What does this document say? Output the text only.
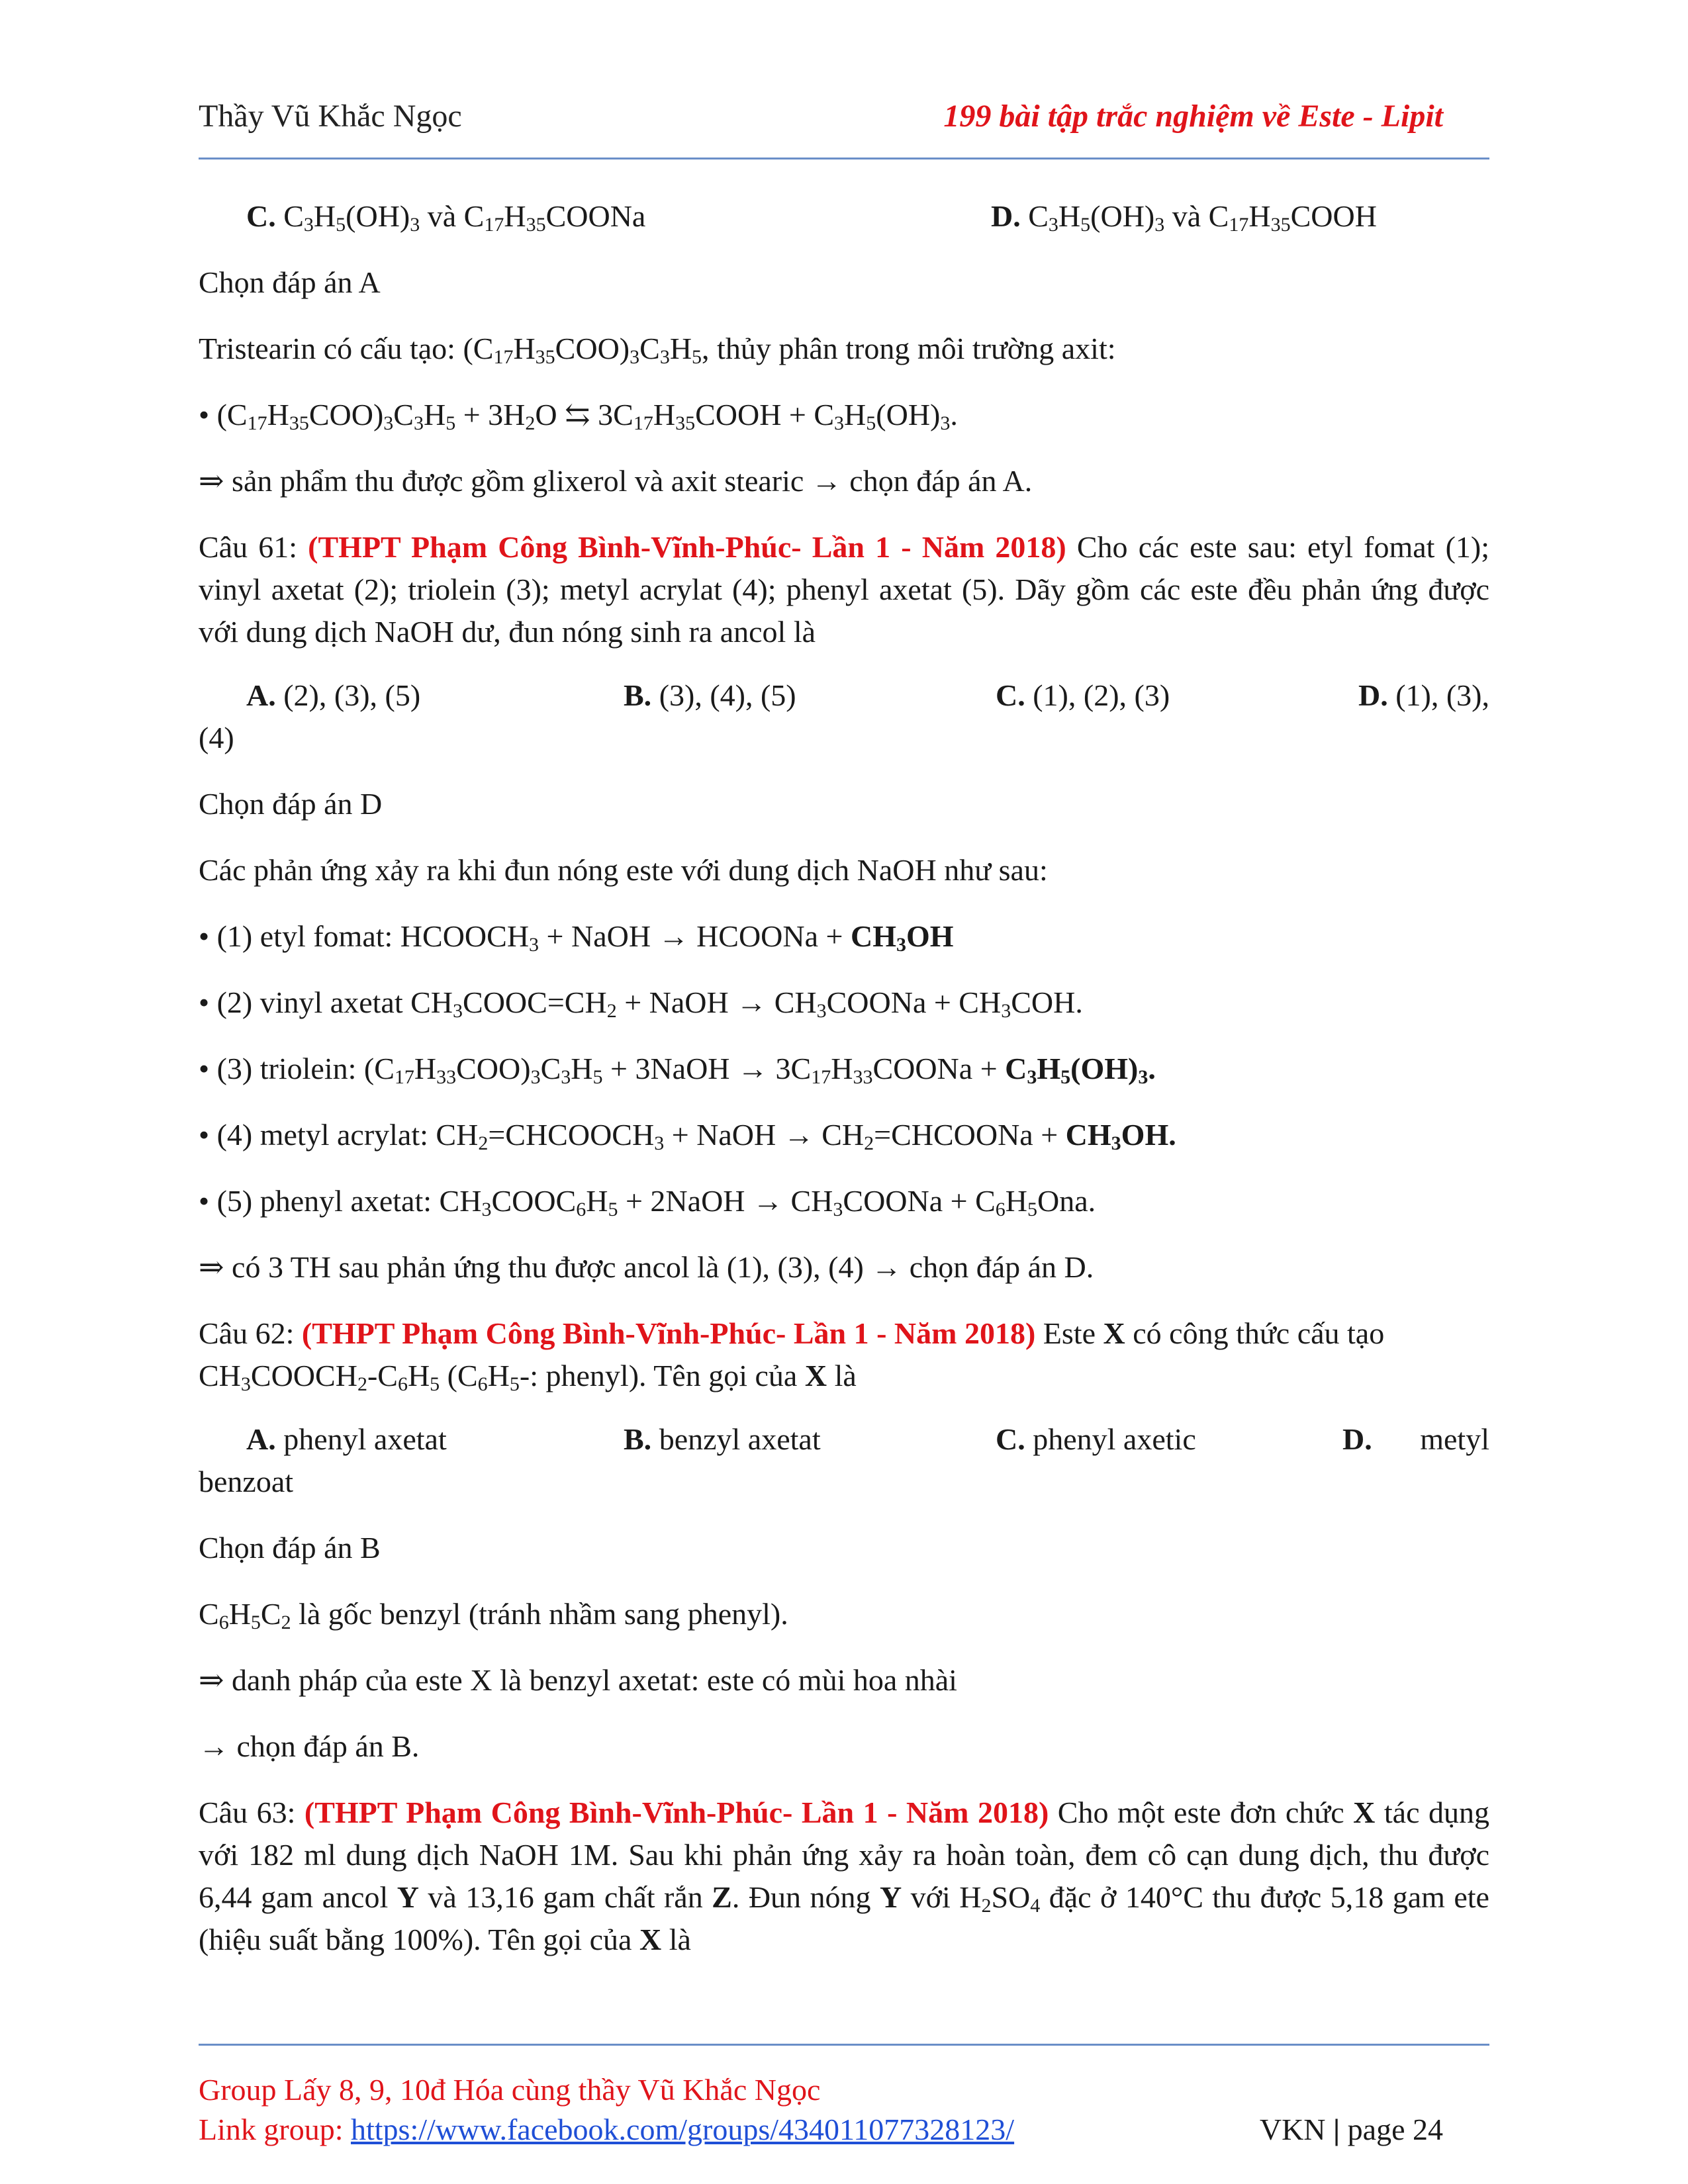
Thầy Vũ Khắc Ngọc	199 bài tập trắc nghiệm về Este - Lipit
C. $C_3H_5(OH)_3$ và $C_{17}H_{35}COONa$	D. $C_3H_5(OH)_3$ và $C_{17}H_{35}COOH$
Chọn đáp án A
Tristearin có cấu tạo: $(C_{17}H_{35}COO)_3C_3H_5$, thủy phân trong môi trường axit:
• $(C_{17}H_{35}COO)_3C_3H_5 + 3H_2O$ ⇆ $3C_{17}H_{35}COOH + C_3H_5(OH)_3$.
⇒ sản phẩm thu được gồm glixerol và axit stearic → chọn đáp án A.
Câu 61: (THPT Phạm Công Bình-Vĩnh-Phúc- Lần 1 - Năm 2018) Cho các este sau: etyl fomat (1); vinyl axetat (2); triolein (3); metyl acrylat (4); phenyl axetat (5). Dãy gồm các este đều phản ứng được với dung dịch NaOH dư, đun nóng sinh ra ancol là
A. (2), (3), (5)	B. (3), (4), (5)	C. (1), (2), (3)	D. (1), (3),
(4)
Chọn đáp án D
Các phản ứng xảy ra khi đun nóng este với dung dịch NaOH như sau:
• (1) etyl fomat: $HCOOCH_3$ + NaOH → HCOONa + $CH_3OH$
• (2) vinyl axetat $CH_3COOC=CH_2$ + NaOH → $CH_3COONa + CH_3COH$.
• (3) triolein: $(C_{17}H_{33}COO)_3C_3H_5$ + 3NaOH → $3C_{17}H_{33}COONa + C_3H_5(OH)_3$.
• (4) metyl acrylat: $CH_2=CHCOOCH_3$ + NaOH → $CH_2=CHCOONa + CH_3OH$.
• (5) phenyl axetat: $CH_3COOC_6H_5$ + 2NaOH → $CH_3COONa + C_6H_5Ona$.
⇒ có 3 TH sau phản ứng thu được ancol là (1), (3), (4) → chọn đáp án D.
Câu 62: (THPT Phạm Công Bình-Vĩnh-Phúc- Lần 1 - Năm 2018) Este X có công thức cấu tạo
$CH_3COOCH_2-C_6H_5$ ($C_6H_5-$: phenyl). Tên gọi của X là
A. phenyl axetat	B. benzyl axetat	C. phenyl axetic	D. metyl
benzoat
Chọn đáp án B
$C_6H_5C_2$ là gốc benzyl (tránh nhầm sang phenyl).
⇒ danh pháp của este X là benzyl axetat: este có mùi hoa nhài
→ chọn đáp án B.
Câu 63: (THPT Phạm Công Bình-Vĩnh-Phúc- Lần 1 - Năm 2018) Cho một este đơn chức X tác dụng với 182 ml dung dịch NaOH 1M. Sau khi phản ứng xảy ra hoàn toàn, đem cô cạn dung dịch, thu được 6,44 gam ancol Y và 13,16 gam chất rắn Z. Đun nóng Y với $H_2SO_4$ đặc ở 140°C thu được 5,18 gam ete (hiệu suất bằng 100%). Tên gọi của X là
Group Lấy 8, 9, 10đ Hóa cùng thầy Vũ Khắc Ngọc
Link group: https://www.facebook.com/groups/434011077328123/	VKN | page 24
